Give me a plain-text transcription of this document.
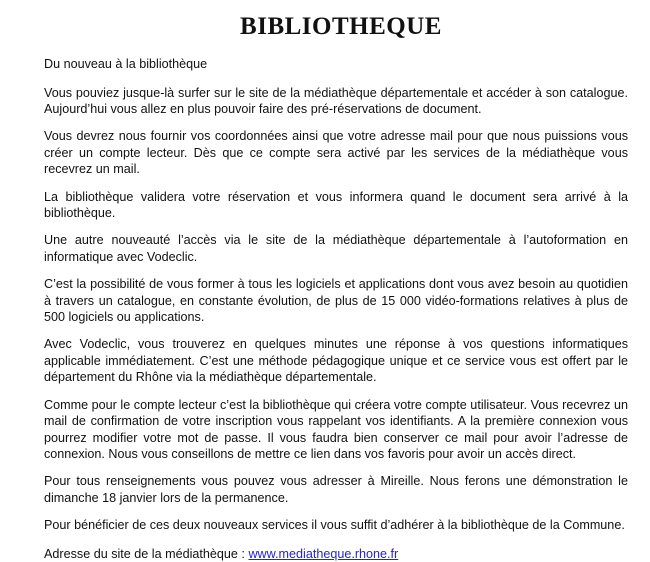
BIBLIOTHEQUE

Du nouveau à la bibliothèque

Vous pouviez jusque-là surfer sur le site de la médiathèque départementale et accéder à son catalogue. Aujourd’hui vous allez en plus pouvoir faire des pré-réservations de document.

Vous devrez nous fournir vos coordonnées ainsi que votre adresse mail pour que nous puissions vous créer un compte lecteur. Dès que ce compte sera activé par les services de la médiathèque vous recevrez un mail.

La bibliothèque validera votre réservation et vous informera quand le document sera arrivé à la bibliothèque.

Une autre nouveauté l’accès via le site de la médiathèque départementale à l’autoformation en informatique avec Vodeclic.

C’est la possibilité de vous former à tous les logiciels et applications dont vous avez besoin au quotidien à travers un catalogue, en constante évolution, de plus de 15 000 vidéo-formations relatives à plus de 500 logiciels ou applications.

Avec Vodeclic, vous trouverez en quelques minutes une réponse à vos questions informatiques applicable immédiatement. C’est une méthode pédagogique unique et ce service vous est offert par le département du Rhône via la médiathèque départementale.

Comme pour le compte lecteur c’est la bibliothèque qui créera votre compte utilisateur. Vous recevrez un mail de confirmation de votre inscription vous rappelant vos identifiants. A la première connexion vous pourrez modifier votre mot de passe. Il vous faudra bien conserver ce mail pour avoir l’adresse de connexion. Nous vous conseillons de mettre ce lien dans vos favoris pour avoir un accès direct.

Pour tous renseignements vous pouvez vous adresser à Mireille. Nous ferons une démonstration le dimanche 18 janvier lors de la permanence.

Pour bénéficier de ces deux nouveaux services il vous suffit d’adhérer à la bibliothèque de la Commune.

Adresse du site de la médiathèque : www.mediatheque.rhone.fr
